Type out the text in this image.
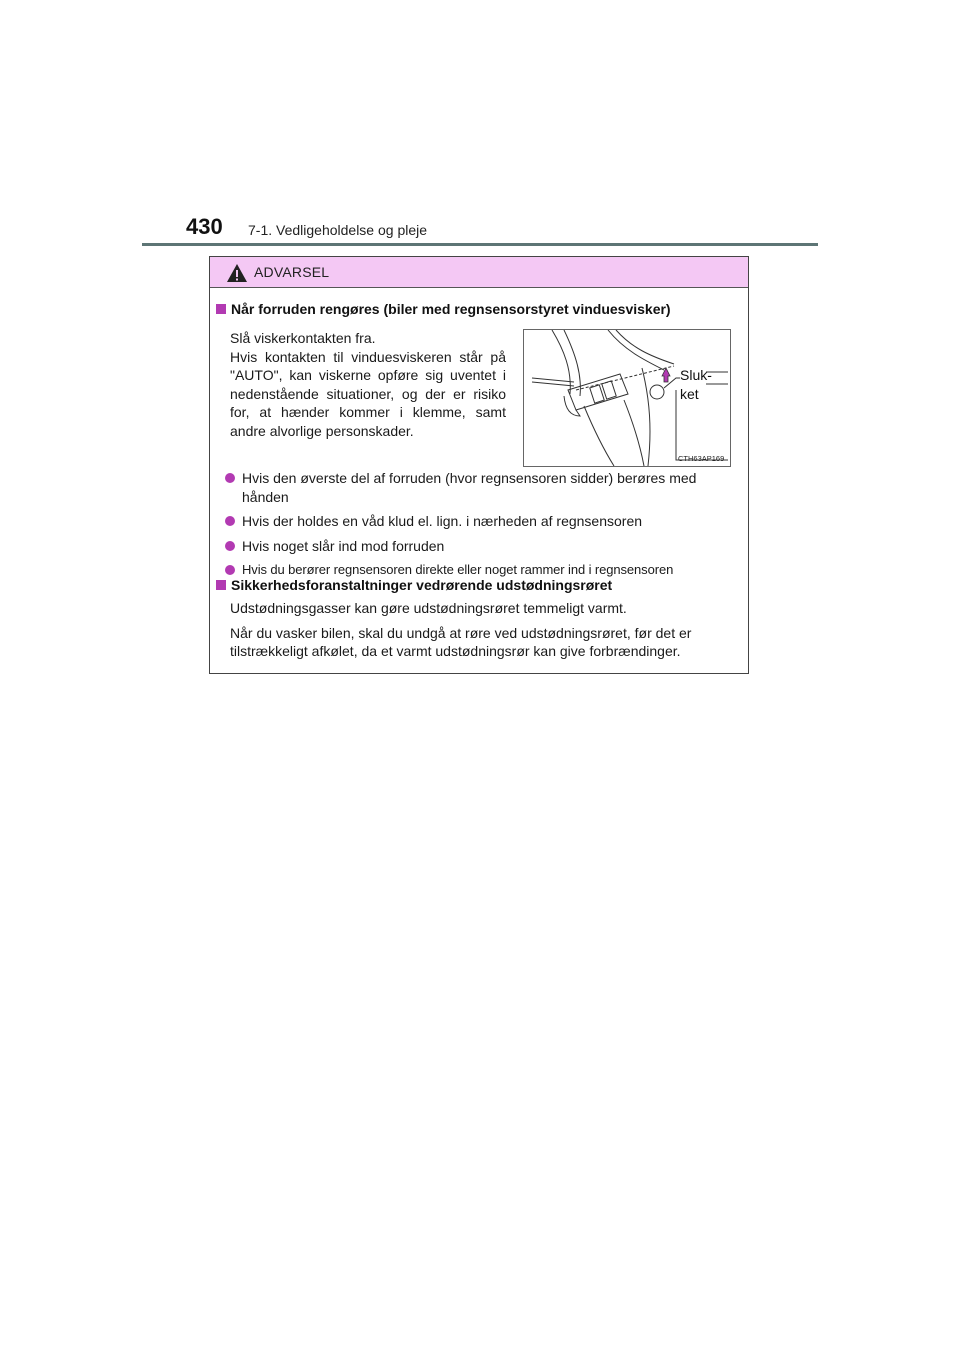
430 7-1. Vedligeholdelse og pleje
ADVARSEL
Når forruden rengøres (biler med regnsensorstyret vinduesvisker)

Slå viskerkontakten fra.

Hvis kontakten til vinduesviskeren står på "AUTO", kan viskerne opføre sig uventet i nedenstående situationer, og der er risiko for, at hænder kommer i klemme, samt andre alvorlige personskader.

Sluk-
ket
CTH63AP169
Hvis den øverste del af forruden (hvor regnsensoren sidder) berøres med hånden
Hvis der holdes en våd klud el. lign. i nærheden af regnsensoren
Hvis noget slår ind mod forruden
Hvis du berører regnsensoren direkte eller noget rammer ind i regnsensoren
Sikkerhedsforanstaltninger vedrørende udstødningsrøret

Udstødningsgasser kan gøre udstødningsrøret temmeligt varmt.

Når du vasker bilen, skal du undgå at røre ved udstødningsrøret, før det er tilstrækkeligt afkølet, da et varmt udstødningsrør kan give forbrændinger.
